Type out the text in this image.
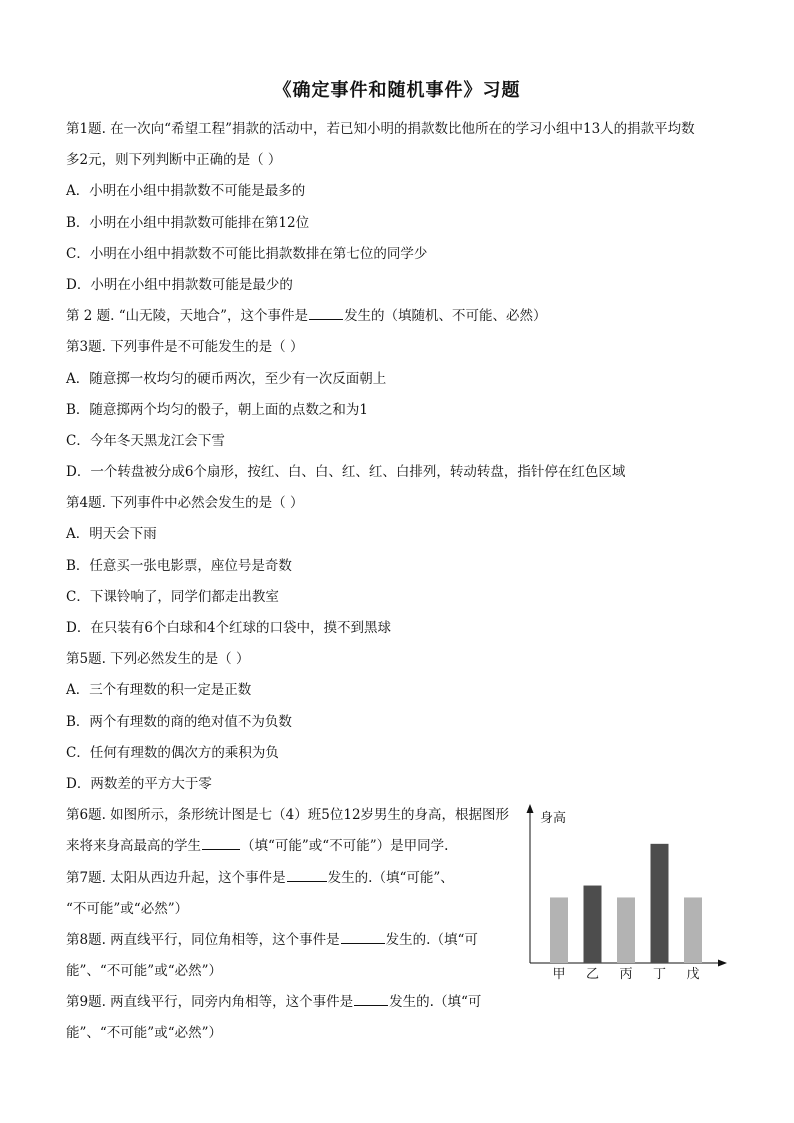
《确定事件和随机事件》习题
第1题. 在一次向“希望工程”捐款的活动中，若已知小明的捐款数比他所在的学习小组中13人的捐款平均数
多2元，则下列判断中正确的是（ ）
A．小明在小组中捐款数不可能是最多的
B．小明在小组中捐款数可能排在第12位
C．小明在小组中捐款数不可能比捐款数排在第七位的同学少
D．小明在小组中捐款数可能是最少的
第 2 题. “山无陵，天地合”，这个事件是	发生的（填随机、不可能、必然）
第3题. 下列事件是不可能发生的是（ ）
A．随意掷一枚均匀的硬币两次，至少有一次反面朝上
B．随意掷两个均匀的骰子，朝上面的点数之和为1
C．今年冬天黑龙江会下雪
D．一个转盘被分成6个扇形，按红、白、白、红、红、白排列，转动转盘，指针停在红色区域
第4题. 下列事件中必然会发生的是（ ）
A．明天会下雨
B．任意买一张电影票，座位号是奇数
C．下课铃响了，同学们都走出教室
D．在只装有6个白球和4个红球的口袋中，摸不到黑球
第5题. 下列必然发生的是（ ）
A．三个有理数的积一定是正数
B．两个有理数的商的绝对值不为负数
C．任何有理数的偶次方的乘积为负
D．两数差的平方大于零
第6题. 如图所示，条形统计图是七（4）班5位12岁男生的身高，根据图形
来将来身高最高的学生	（填“可能”或“不可能”）是甲同学.
第7题. 太阳从西边升起，这个事件是	发生的.（填“可能”、
“不可能”或“必然”）
第8题. 两直线平行，同位角相等，这个事件是	发生的.（填“可
能”、“不可能”或“必然”）
第9题. 两直线平行，同旁内角相等，这个事件是	发生的.（填“可
能”、“不可能”或“必然”）
身高
甲 乙 丙 丁 戊
